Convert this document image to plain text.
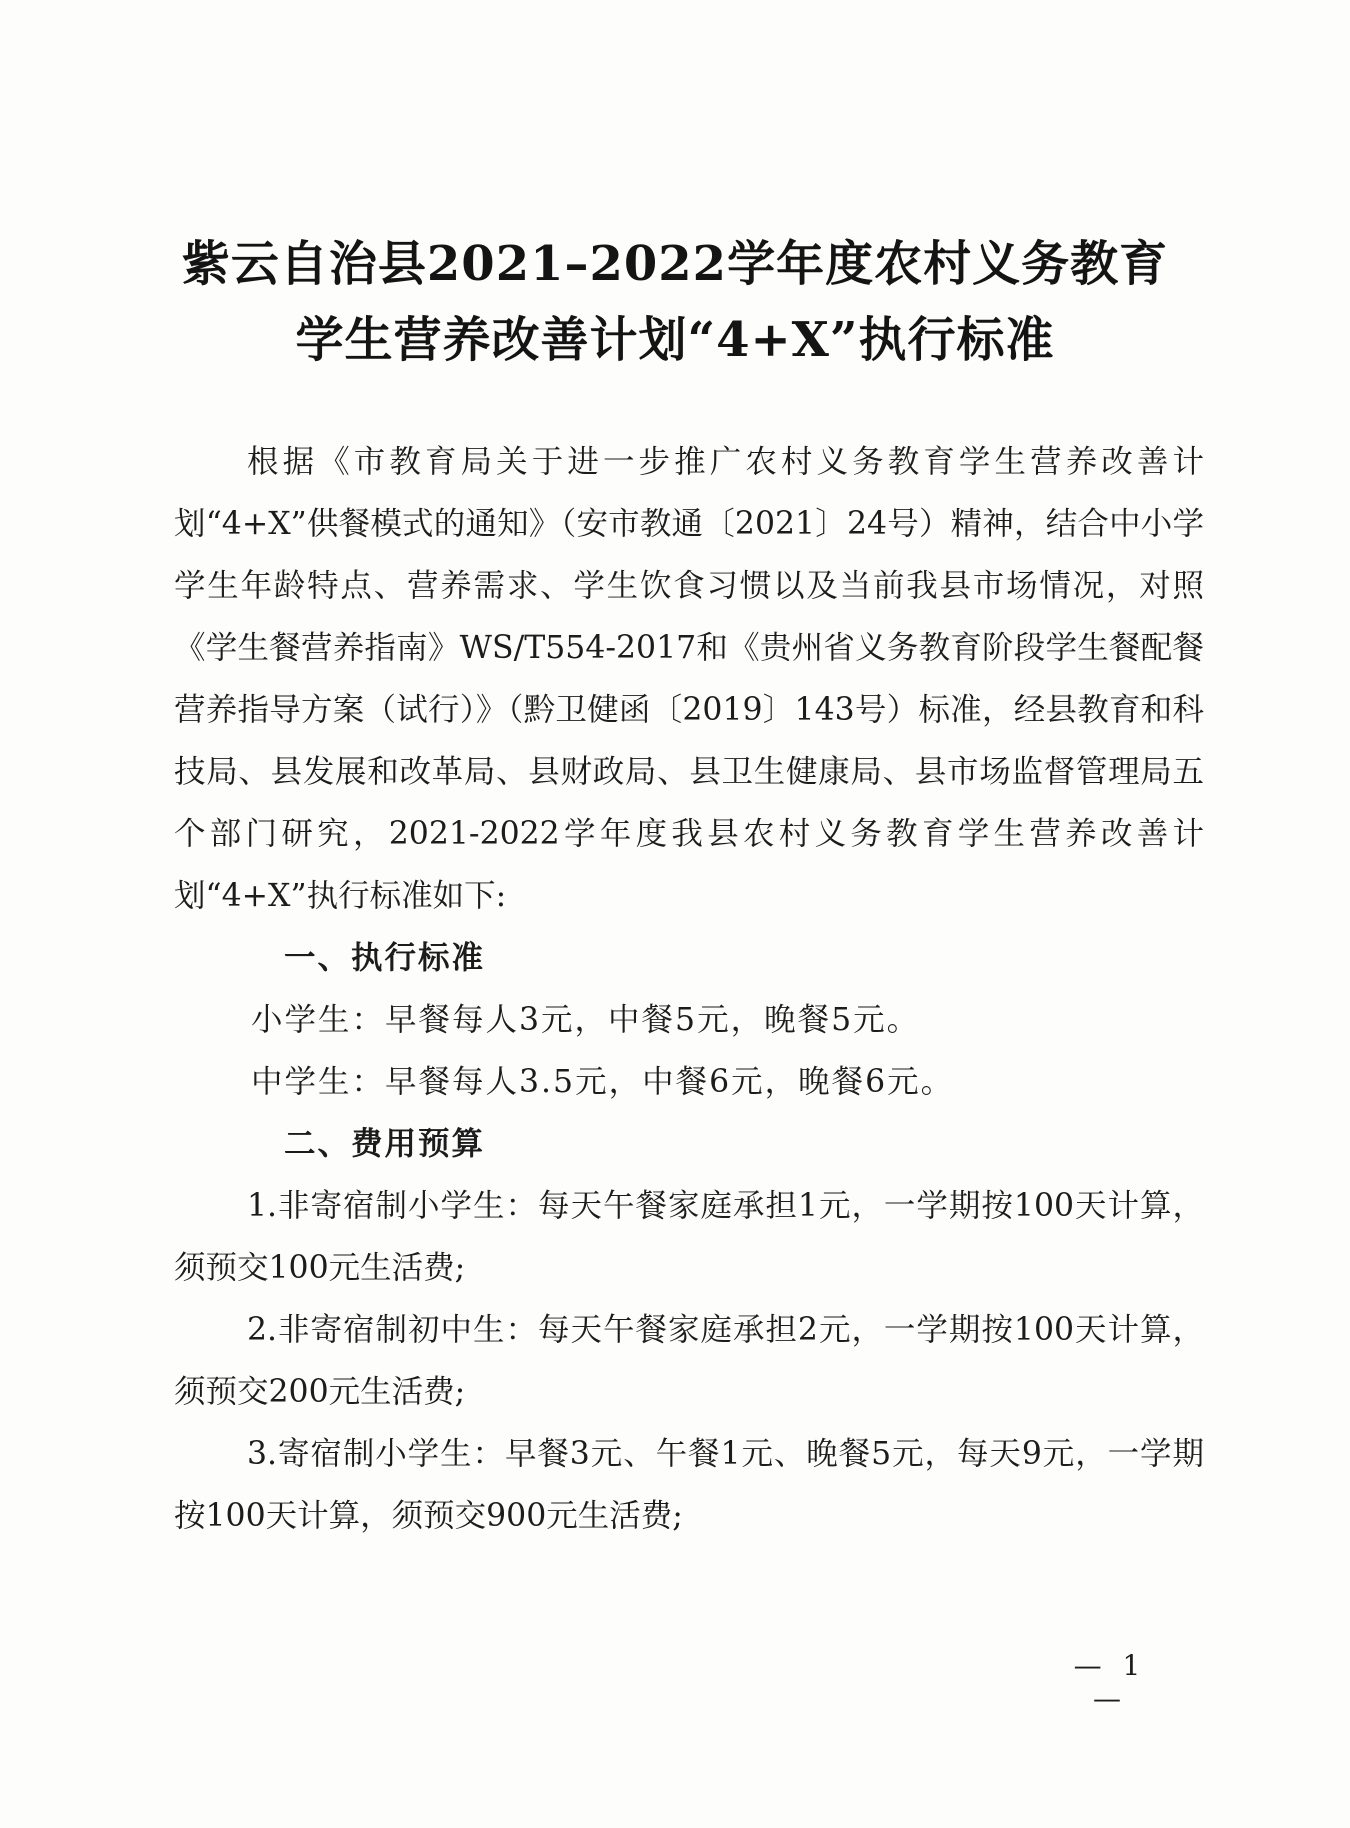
紫云自治县2021–2022学年度农村义务教育
学生营养改善计划“4+X”执行标准

根据《市教育局关于进一步推广农村义务教育学生营养改善计划“4+X”供餐模式的通知》（安市教通〔2021〕24号）精神，结合中小学学生年龄特点、营养需求、学生饮食习惯以及当前我县市场情况，对照《学生餐营养指南》WS/T554-2017和《贵州省义务教育阶段学生餐配餐营养指导方案（试行）》（黔卫健函〔2019〕143号）标准，经县教育和科技局、县发展和改革局、县财政局、县卫生健康局、县市场监督管理局五个部门研究，2021-2022学年度我县农村义务教育学生营养改善计划“4+X”执行标准如下:

一、执行标准

小学生：早餐每人3元，中餐5元，晚餐5元。

中学生：早餐每人3.5元，中餐6元，晚餐6元。

二、费用预算

1.非寄宿制小学生：每天午餐家庭承担1元，一学期按100天计算，须预交100元生活费;

2.非寄宿制初中生：每天午餐家庭承担2元，一学期按100天计算，须预交200元生活费;

3.寄宿制小学生：早餐3元、午餐1元、晚餐5元，每天9元，一学期按100天计算，须预交900元生活费;

— 1 —
